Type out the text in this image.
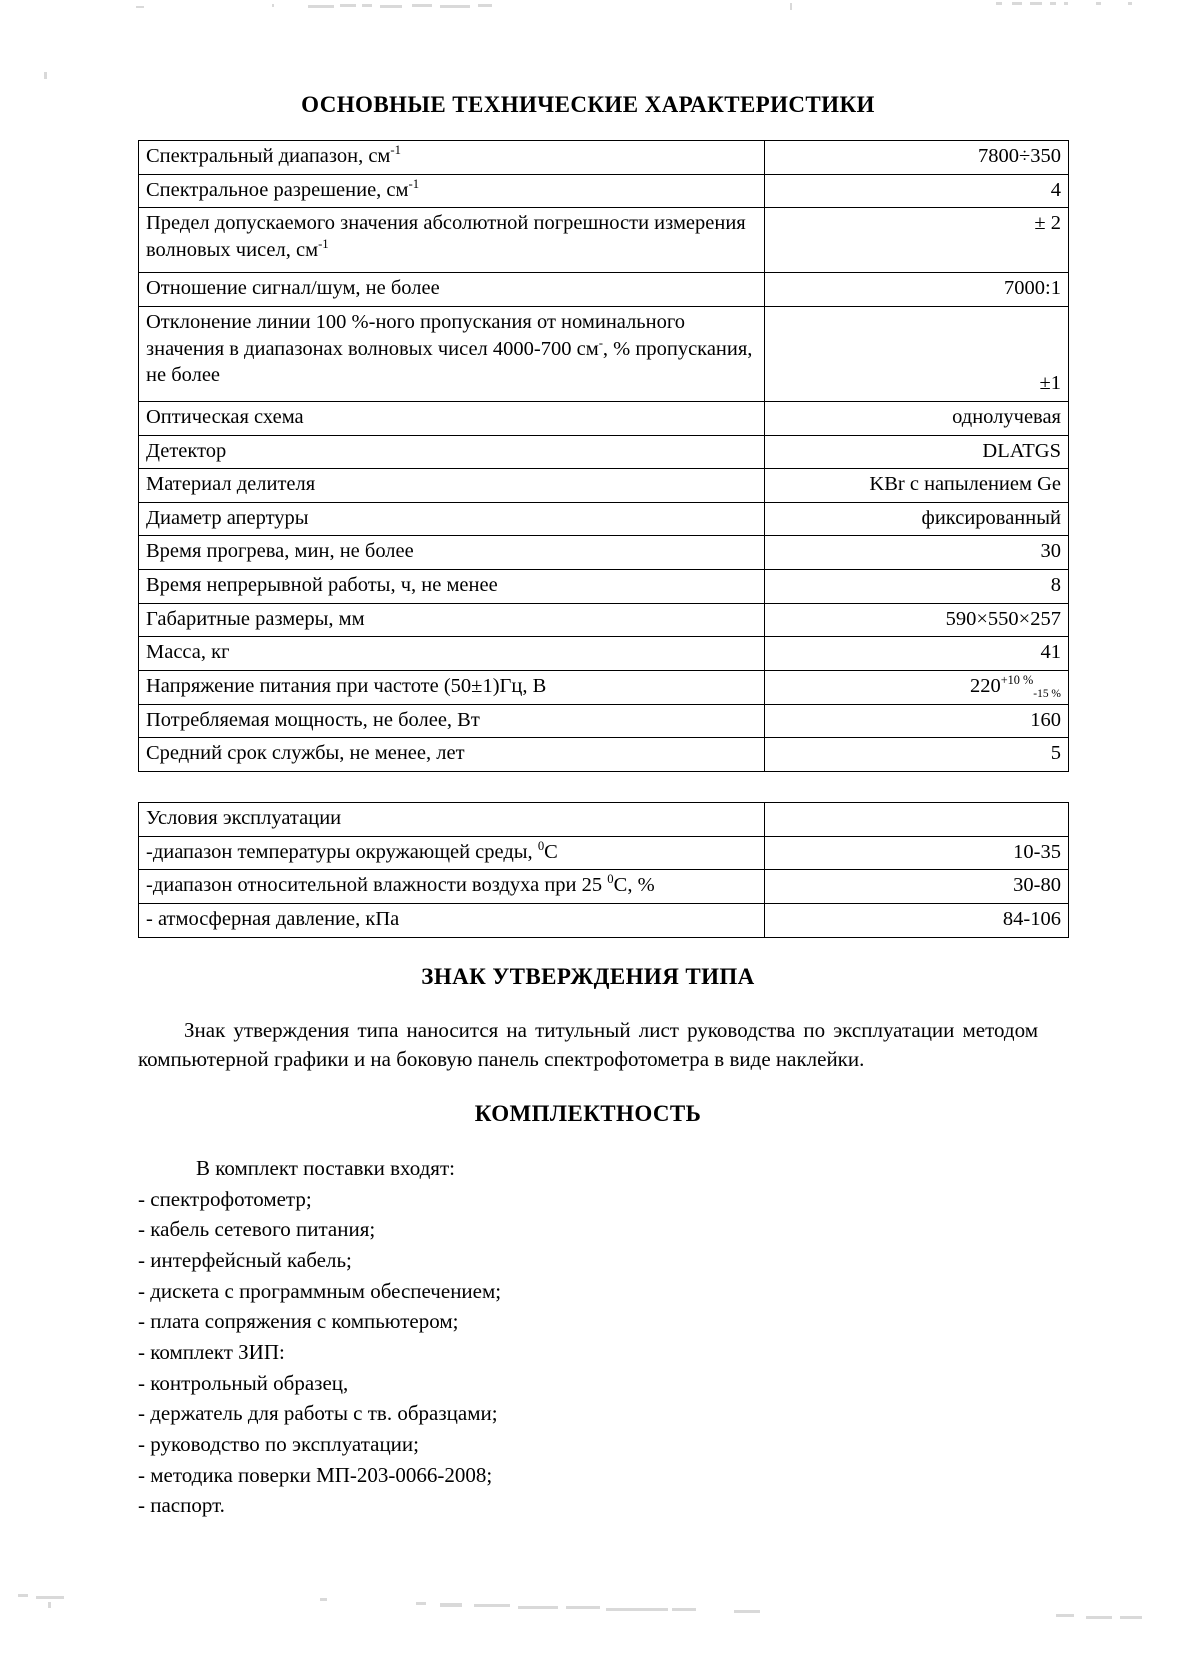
ОСНОВНЫЕ ТЕХНИЧЕСКИЕ ХАРАКТЕРИСТИКИ
Спектральный диапазон, $см^{-1}$	7800÷350
Спектральное разрешение, $см^{-1}$	4
Предел допускаемого значения абсолютной погрешности измерения волновых чисел, $см^{-1}$	± 2
Отношение сигнал/шум, не более	7000:1
Отклонение линии 100 %-ного пропускания от номинального значения в диапазонах волновых чисел 4000-700 см-, % пропускания, не более	±1
Оптическая схема	однолучевая
Детектор	DLATGS
Материал делителя	KBr с напылением Ge
Диаметр апертуры	фиксированный
Время прогрева, мин, не более	30
Время непрерывной работы, ч, не менее	8
Габаритные размеры, мм	590×550×257
Масса, кг	41
Напряжение питания при частоте (50±1)Гц, В	$220^{+10 \%}_{-15 \%}$
Потребляемая мощность, не более, Вт	160
Средний срок службы, не менее, лет	5
Условия эксплуатации	
-диапазон температуры окружающей среды, $^0$С	10-35
-диапазон относительной влажности воздуха при 25 $^0$С, %	30-80
- атмосферная давление, кПа	84-106
ЗНАК УТВЕРЖДЕНИЯ ТИПА

Знак утверждения типа наносится на титульный лист руководства по эксплуатации методом компьютерной графики и на боковую панель спектрофотометра в виде наклейки.

КОМПЛЕКТНОСТЬ

В комплект поставки входят:

- спектрофотометр;
- кабель сетевого питания;
- интерфейсный кабель;
- дискета с программным обеспечением;
- плата сопряжения с компьютером;
- комплект ЗИП:
- контрольный образец,
- держатель для работы с тв. образцами;
- руководство по эксплуатации;
- методика поверки МП-203-0066-2008;
- паспорт.
